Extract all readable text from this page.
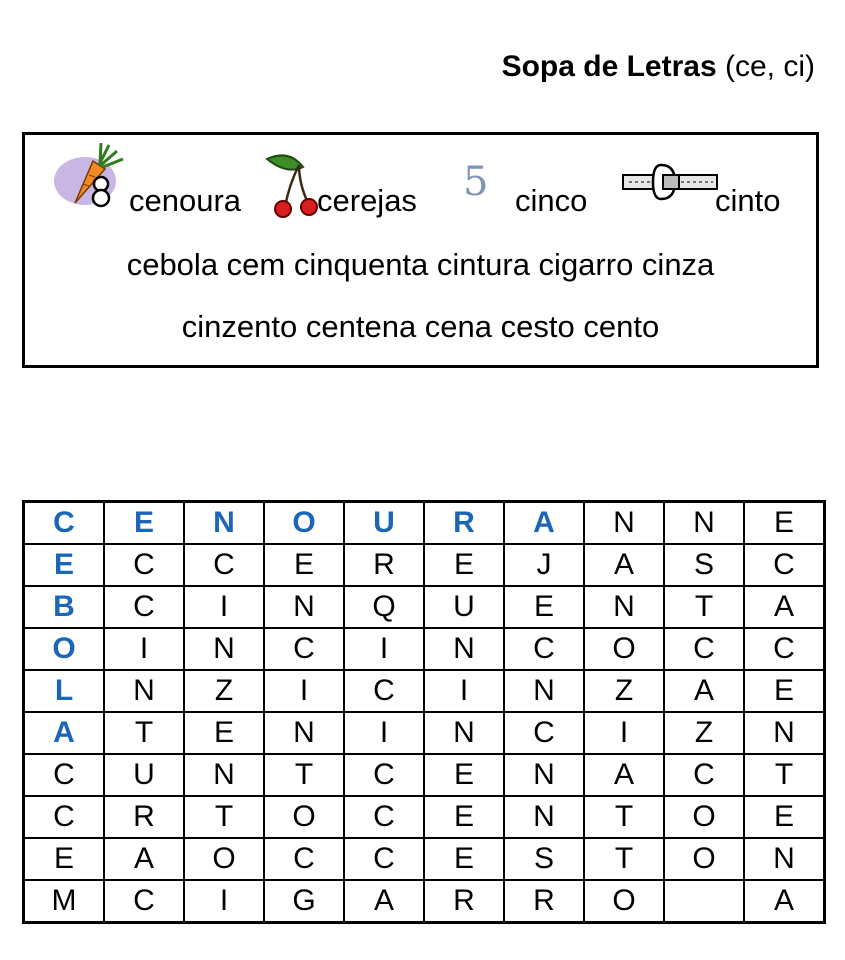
Sopa de Letras (ce, ci)
cenoura cerejas 5 cinco	cinto
cebola cem cinquenta cintura cigarro cinza
cinzento centena cena cesto cento
C	E	N	O	U	R	A	N	N	E
E	C	C	E	R	E	J	A	S	C
B	C	I	N	Q	U	E	N	T	A
O	I	N	C	I	N	C	O	C	C
L	N	Z	I	C	I	N	Z	A	E
A	T	E	N	I	N	C	I	Z	N
C	U	N	T	C	E	N	A	C	T
C	R	T	O	C	E	N	T	O	E
E	A	O	C	C	E	S	T	O	N
M	C	I	G	A	R	R	O		A
